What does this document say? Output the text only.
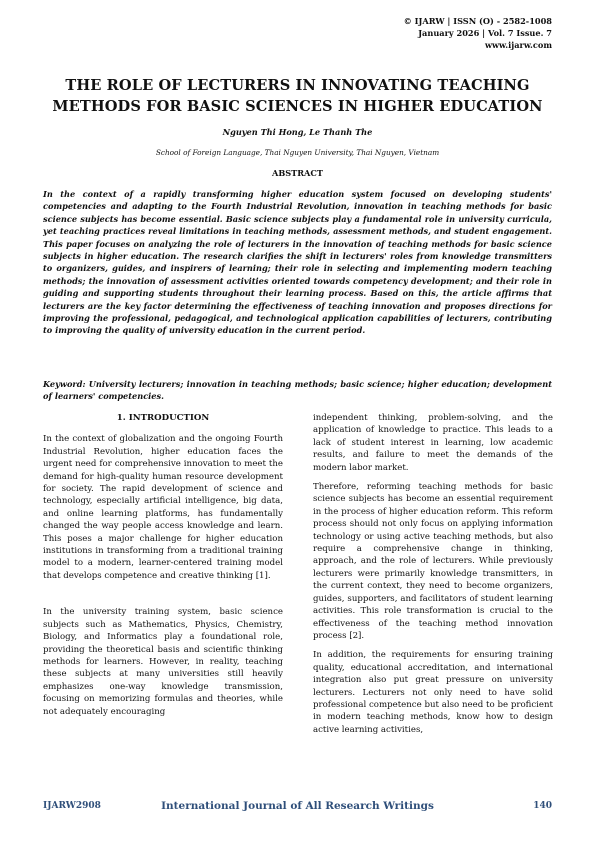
© IJARW | ISSN (O) - 2582-1008
January 2026 | Vol. 7 Issue. 7
www.ijarw.com
THE ROLE OF LECTURERS IN INNOVATING TEACHING
METHODS FOR BASIC SCIENCES IN HIGHER EDUCATION
Nguyen Thi Hong, Le Thanh The
School of Foreign Language, Thai Nguyen University, Thai Nguyen, Vietnam
ABSTRACT

In the context of a rapidly transforming higher education system focused on developing students' competencies and adapting to the Fourth Industrial Revolution, innovation in teaching methods for basic science subjects has become essential. Basic science subjects play a fundamental role in university curricula, yet teaching practices reveal limitations in teaching methods, assessment methods, and student engagement. This paper focuses on analyzing the role of lecturers in the innovation of teaching methods for basic science subjects in higher education. The research clarifies the shift in lecturers' roles from knowledge transmitters to organizers, guides, and inspirers of learning; their role in selecting and implementing modern teaching methods; the innovation of assessment activities oriented towards competency development; and their role in guiding and supporting students throughout their learning process. Based on this, the article affirms that lecturers are the key factor determining the effectiveness of teaching innovation and proposes directions for improving the professional, pedagogical, and technological application capabilities of lecturers, contributing to improving the quality of university education in the current period.

Keyword: University lecturers; innovation in teaching methods; basic science; higher education; development of learners' competencies.

1. INTRODUCTION

In the context of globalization and the ongoing Fourth Industrial Revolution, higher education faces the urgent need for comprehensive innovation to meet the demand for high-quality human resource development for society. The rapid development of science and technology, especially artificial intelligence, big data, and online learning platforms, has fundamentally changed the way people access knowledge and learn. This poses a major challenge for higher education institutions in transforming from a traditional training model to a modern, learner-centered training model that develops competence and creative thinking [1].

In the university training system, basic science subjects such as Mathematics, Physics, Chemistry, Biology, and Informatics play a foundational role, providing the theoretical basis and scientific thinking methods for learners. However, in reality, teaching these subjects at many universities still heavily emphasizes one-way knowledge transmission, focusing on memorizing formulas and theories, while not adequately encouraging

independent thinking, problem-solving, and the application of knowledge to practice. This leads to a lack of student interest in learning, low academic results, and failure to meet the demands of the modern labor market.

Therefore, reforming teaching methods for basic science subjects has become an essential requirement in the process of higher education reform. This reform process should not only focus on applying information technology or using active teaching methods, but also require a comprehensive change in thinking, approach, and the role of lecturers. While previously lecturers were primarily knowledge transmitters, in the current context, they need to become organizers, guides, supporters, and facilitators of student learning activities. This role transformation is crucial to the effectiveness of the teaching method innovation process [2].

In addition, the requirements for ensuring training quality, educational accreditation, and international integration also put great pressure on university lecturers. Lecturers not only need to have solid professional competence but also need to be proficient in modern teaching methods, know how to design active learning activities,

IJARW2908	International Journal of All Research Writings	140
